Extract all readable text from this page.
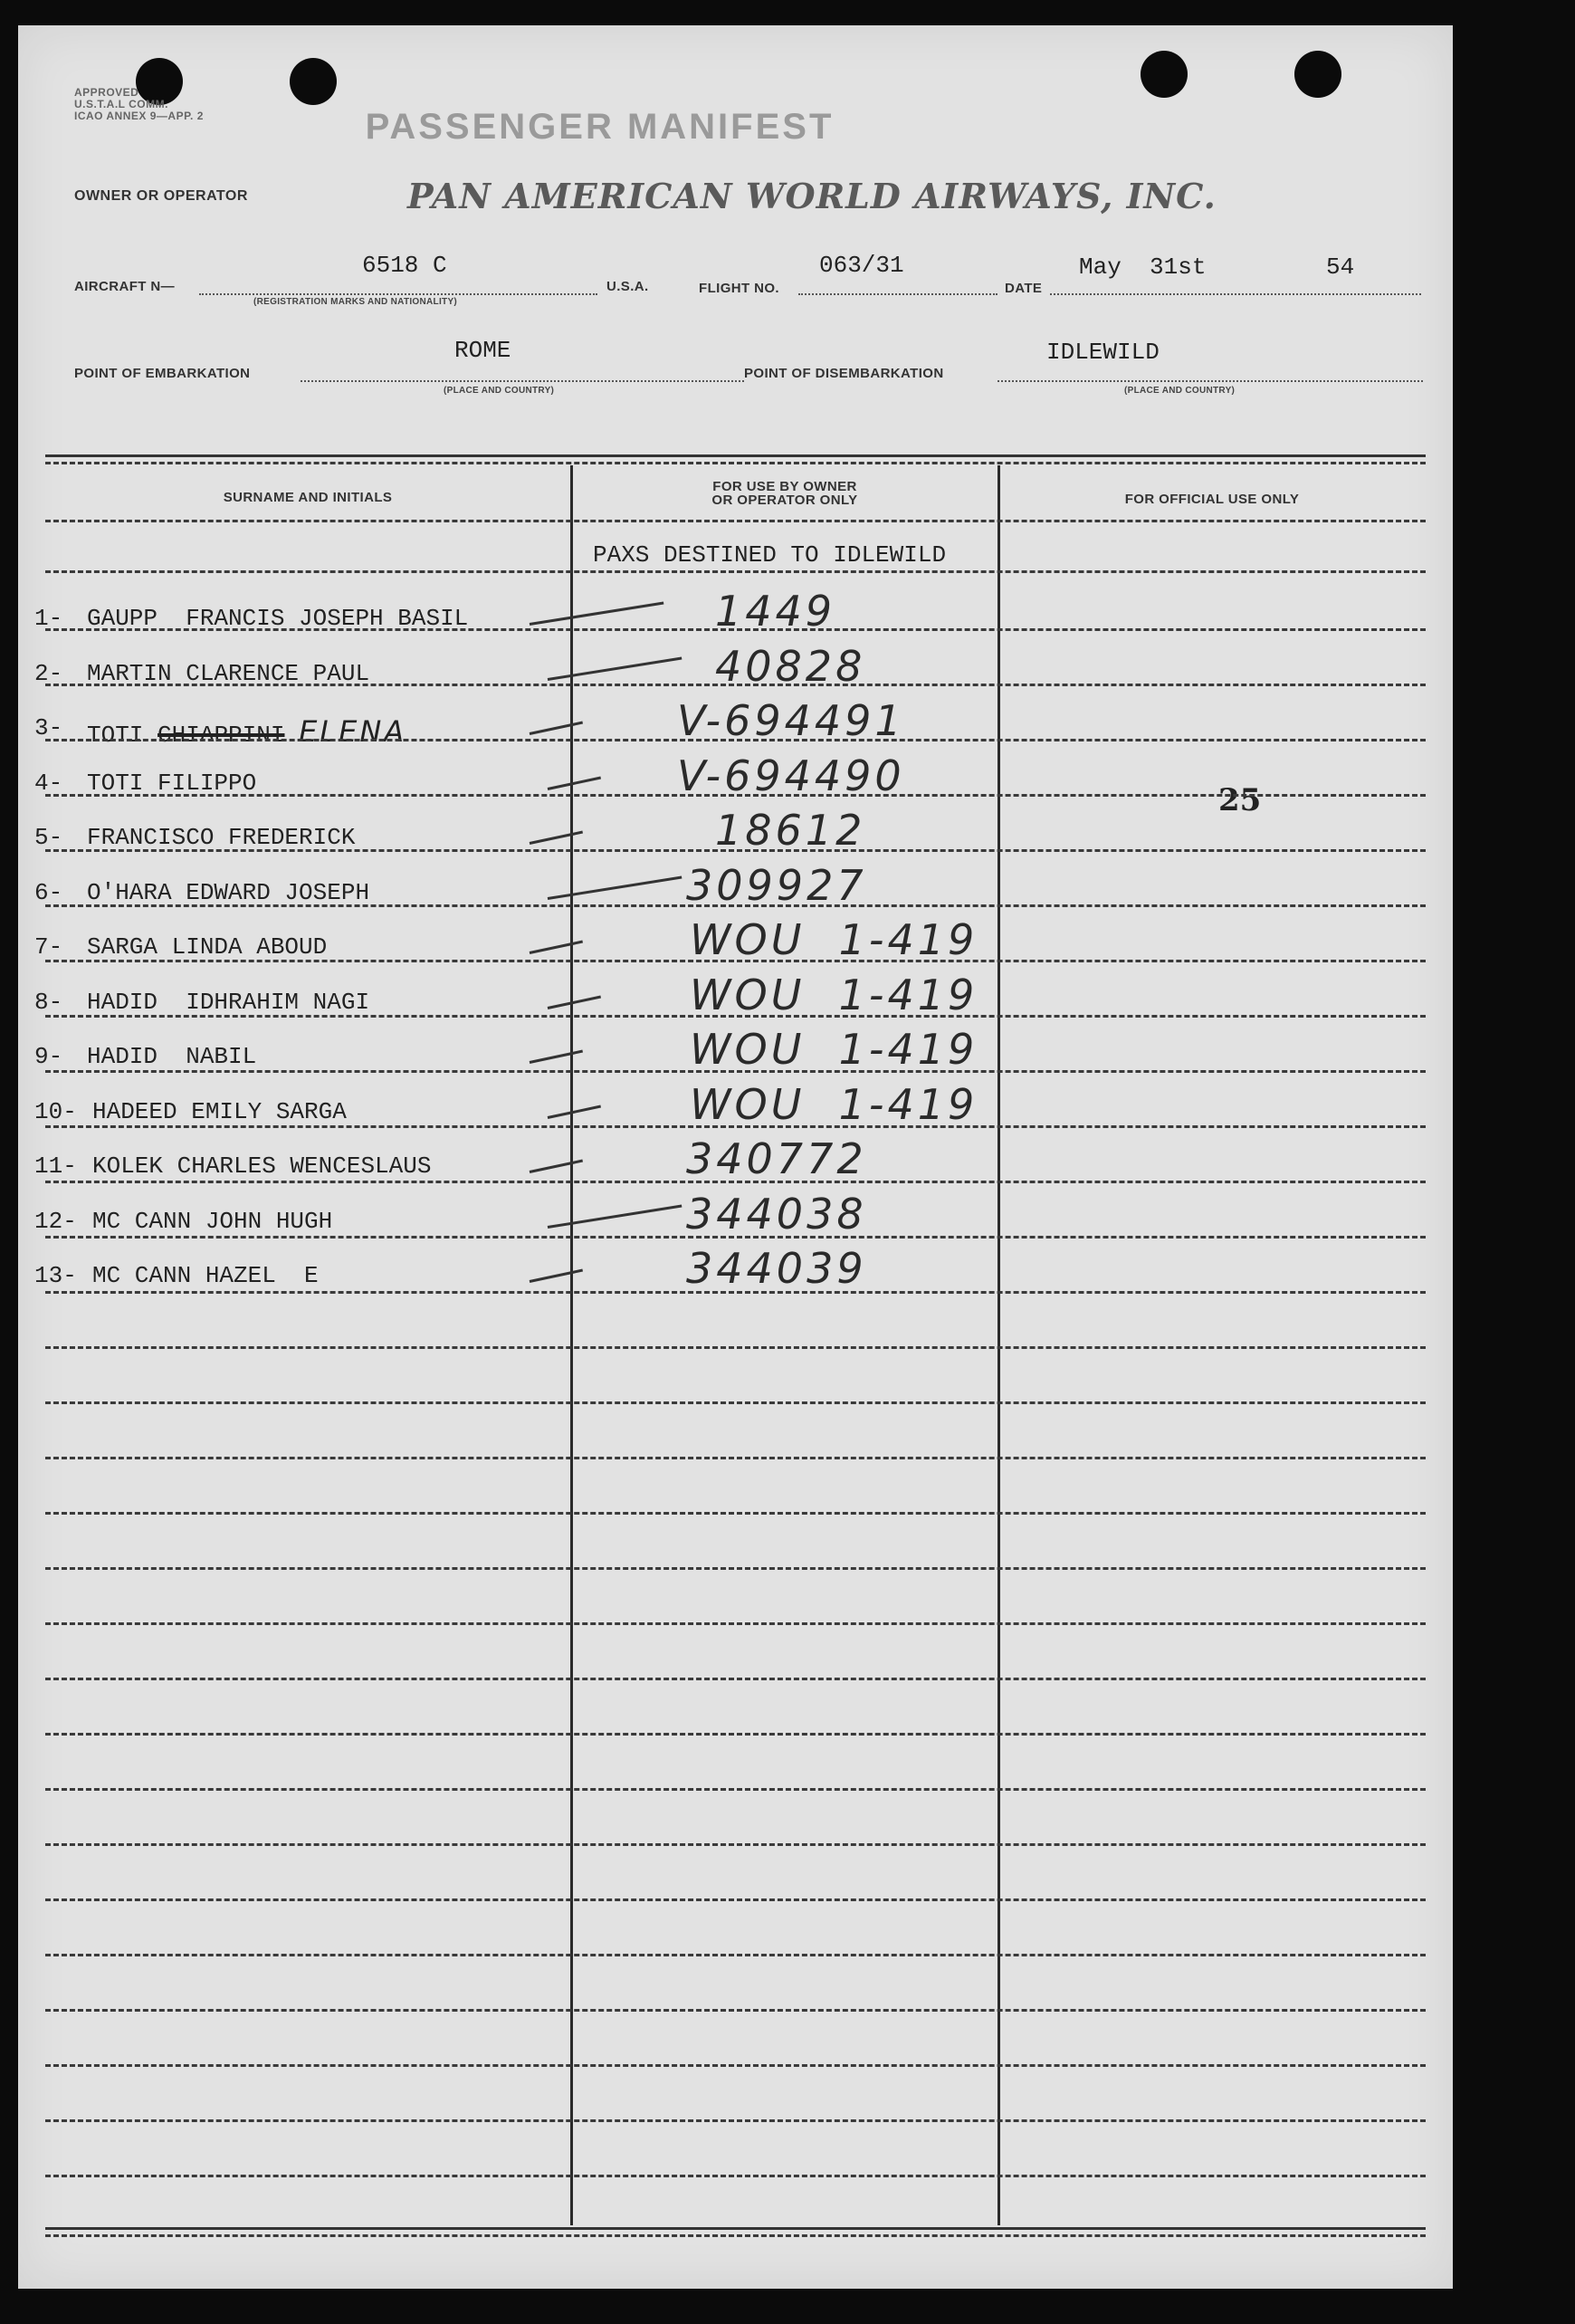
APPROVED
U.S.T.A.L COMM.
ICAO ANNEX 9—APP. 2	PASSENGER MANIFEST
OWNER OR OPERATOR	PAN AMERICAN WORLD AIRWAYS, INC.
AIRCRAFT N—
6518 C
(REGISTRATION MARKS AND NATIONALITY)
U.S.A.	FLIGHT NO.
063/31
DATE
May  31st	54
POINT OF EMBARKATION
ROME
(PLACE AND COUNTRY)
POINT OF DISEMBARKATION
IDLEWILD
(PLACE AND COUNTRY)
SURNAME AND INITIALS
FOR USE BY OWNER
OR OPERATOR ONLY	FOR OFFICIAL USE ONLY
PAXS DESTINED TO IDLEWILD
25
1- GAUPP  FRANCIS JOSEPH BASIL	1449
2- MARTIN CLARENCE PAUL	40828
3- TOTI CHIAPPINI ELENA	V-694491
4- TOTI FILIPPO	V-694490
5- FRANCISCO FREDERICK	18612
6- O'HARA EDWARD JOSEPH	309927
7- SARGA LINDA ABOUD	WOU  1-419
8- HADID  IDHRAHIM NAGI	WOU  1-419
9- HADID  NABIL	WOU  1-419
10- HADEED EMILY SARGA	WOU  1-419
11- KOLEK CHARLES WENCESLAUS	340772
12- MC CANN JOHN HUGH	344038
13- MC CANN HAZEL  E	344039
